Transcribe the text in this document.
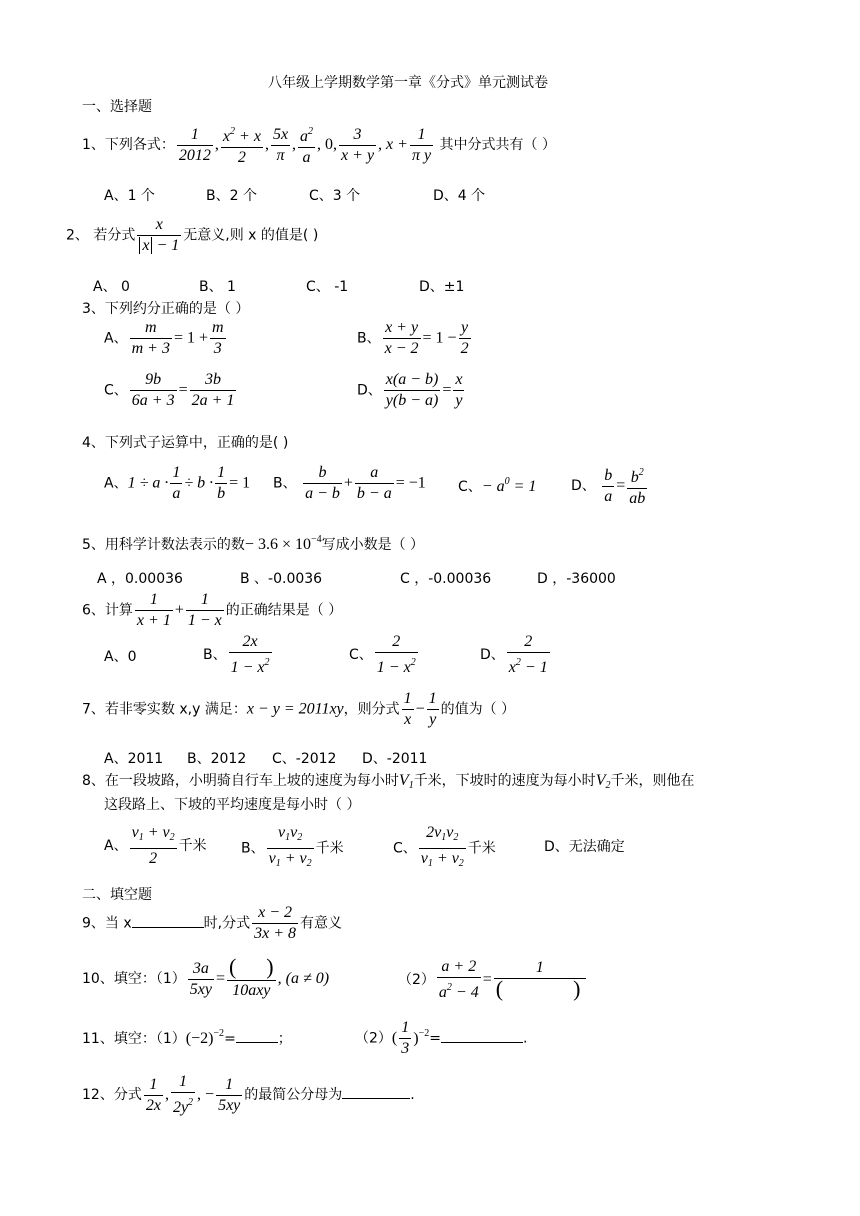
八年级上学期数学第一章《分式》单元测试卷
一、选择题
1、下列各式： $\frac{1}{2012}$ , $\frac{x^2 + x}{2}$ , $\frac{5x}{\pi}$ , $\frac{a^2}{a}$ , 0, $\frac{3}{x + y}$ , $x + \frac{1}{\text{π y}}$ 其中分式共有（ ）
A、1 个	B、2 个	C、3 个	D、4 个
2、 若分式 $\frac{x}{x - 1}$ 无意义,则 x 的值是( )
A、 0	B、 1	C、 -1	D、±1
3、下列约分正确的是（ ）
A、 $\frac{m}{m + 3} = 1 + \frac{m}{3}$	B、 $\frac{x + y}{x - 2} = 1 - \frac{y}{2}$
C、 $\frac{9b}{6a + 3} = \frac{3b}{2a + 1}$	D、 $\frac{x(a - b)}{y(b - a)} = \frac{x}{y}$
4、下列式子运算中，正确的是( )
A、$1 \div a \cdot \frac{1}{a} \div b \cdot \frac{1}{b} = 1$ B、 $\frac{b}{a - b} + \frac{a}{b - a} = -1$ C、− $a^0 = 1$ D、 $\frac{b}{a} = \frac{b^2}{ab}$
5、用科学计数法表示的数− $3.6 \times 10^{-4}$写成小数是（ ）
A ，0.00036	B 、-0.0036	C ，-0.00036	D ，-36000
6、计算 $\frac{1}{x + 1} + \frac{1}{1 - x}$ 的正确结果是（ ）
A、0	B、 $\frac{2x}{1 - x^2}$	C、 $\frac{2}{1 - x^2}$	D、 $\frac{2}{x^2 - 1}$
7、若非零实数 x,y 满足：x − y = 2011xy，则分式 $\frac{1}{x} - \frac{1}{y}$ 的值为（ ）
A、2011 B、2012 C、-2012 D、-2011
8、在一段坡路，小明骑自行车上坡的速度为每小时V1千米，下坡时的速度为每小时V2千米，则他在
这段路上、下坡的平均速度是每小时（ ）
A、 $\frac{v1 + v2}{2}$ 千米 B、 $\frac{v1v2}{v1 + v2}$ 千米	C、 $\frac{2v1v2}{v1 + v2}$ 千米	D、无法确定
二、填空题
9、当 x	时,分式 $\frac{x - 2}{3x + 8}$ 有意义
10、填空：$(1) \frac{3a}{5xy} = \frac{( )}{\text{10axy}}$ , (a ≠ 0)	$(2) \frac{a + 2}{a^2 - 4} = 1$
(	)
11、填空：$(1)(-2)^{-2}=$	；	$(2)( \frac{1}{3} )^{-2}=$	.
12、分式 $\frac{1}{2x}$ , $\frac{1}{2y^2}$ , − $\frac{1}{5xy}$ 的最简公分母为	.
